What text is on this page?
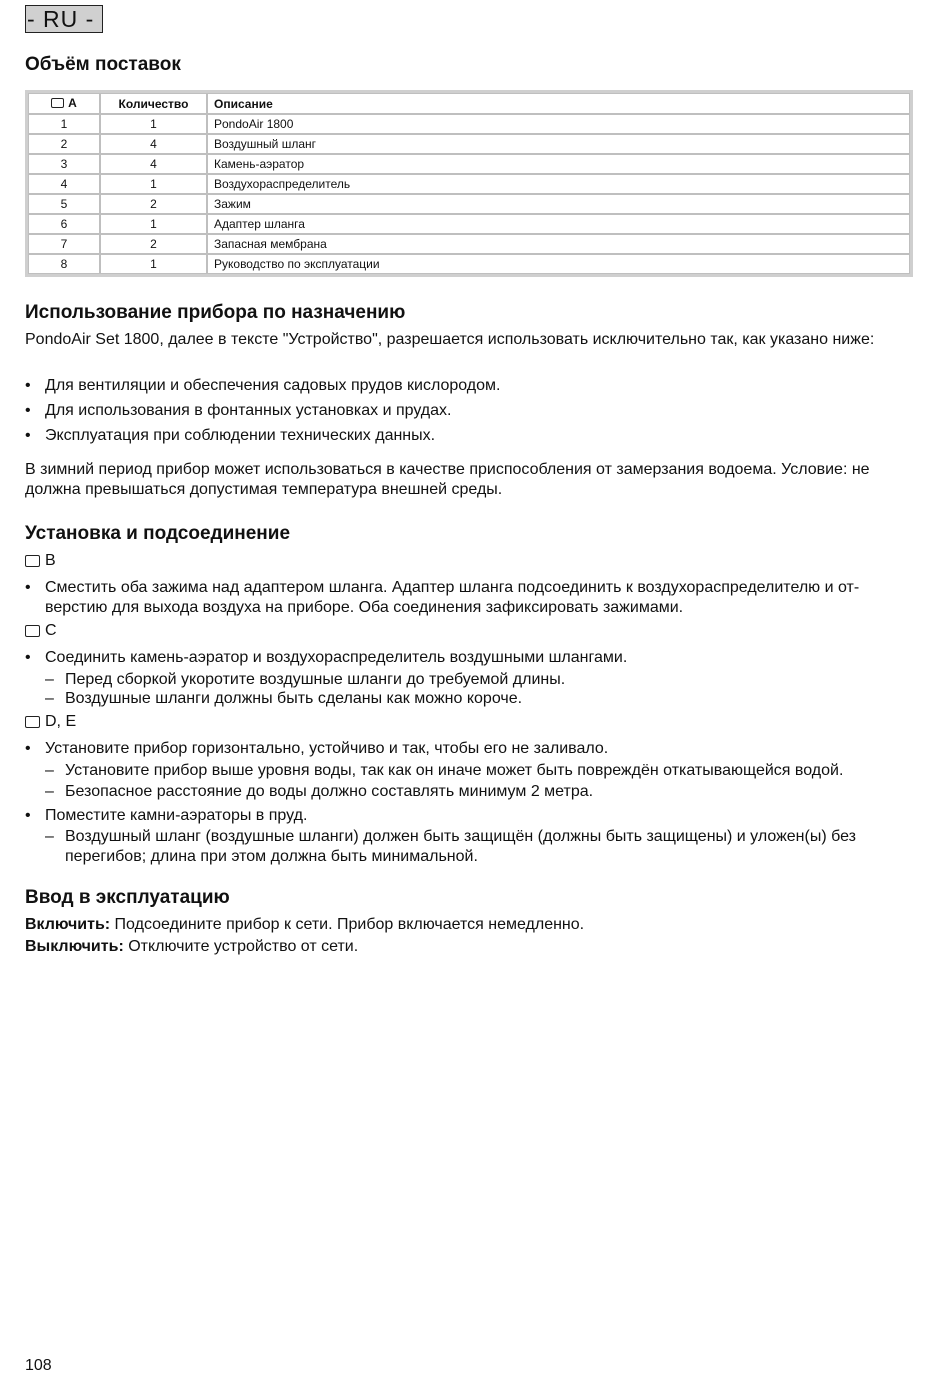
- RU -
Объём поставок
A	Количество	Описание
1	1	PondoAir 1800
2	4	Воздушный шланг
3	4	Камень-аэратор
4	1	Воздухораспределитель
5	2	Зажим
6	1	Адаптер шланга
7	2	Запасная мембрана
8	1	Руководство по эксплуатации
Использование прибора по назначению

PondoAir Set 1800, далее в тексте "Устройство", разрешается использовать исключительно так, как указано ниже:

• Для вентиляции и обеспечения садовых прудов кислородом.
• Для использования в фонтанных установках и прудах.
• Эксплуатация при соблюдении технических данных.

В зимний период прибор может использоваться в качестве приспособления от замерзания водоема. Условие: не должна превышаться допустимая температура внешней среды.

Установка и подсоединение
B
• Сместить оба зажима над адаптером шланга. Адаптер шланга подсоединить к воздухораспределителю и от-верстию для выхода воздуха на приборе. Оба соединения зафиксировать зажимами.
C
• Соединить камень-аэратор и воздухораспределитель воздушными шлангами.
– Перед сборкой укоротите воздушные шланги до требуемой длины.
– Воздушные шланги должны быть сделаны как можно короче.
D, E
• Установите прибор горизонтально, устойчиво и так, чтобы его не заливало.
– Установите прибор выше уровня воды, так как он иначе может быть повреждён откатывающейся водой.
– Безопасное расстояние до воды должно составлять минимум 2 метра.
• Поместите камни-аэраторы в пруд.
– Воздушный шланг (воздушные шланги) должен быть защищён (должны быть защищены) и уложен(ы) без перегибов; длина при этом должна быть минимальной.
Ввод в эксплуатацию

Включить: Подсоедините прибор к сети. Прибор включается немедленно.

Выключить: Отключите устройство от сети.

108
